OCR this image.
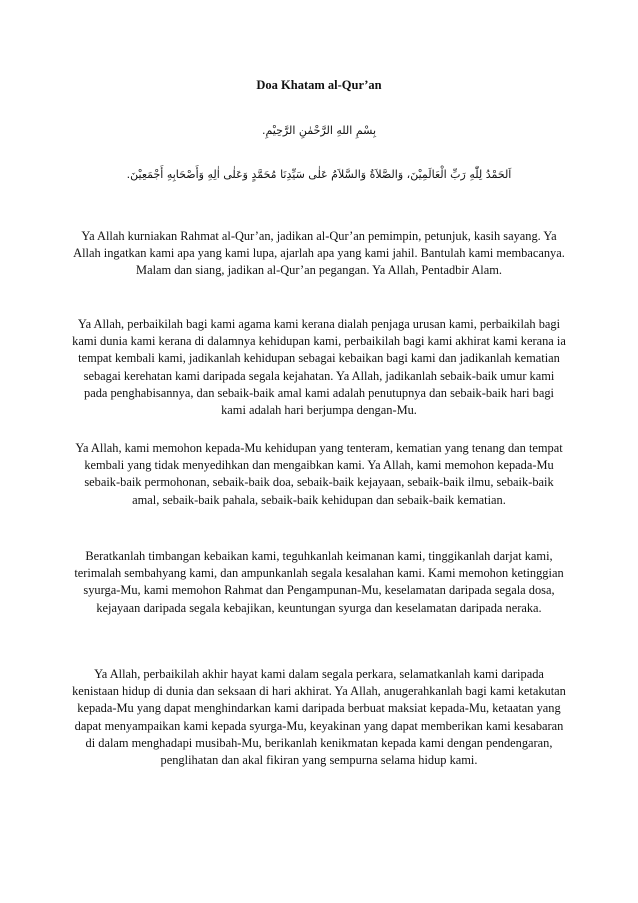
Doa Khatam al-Qur’an

بِسْمِ اللهِ الرَّحْمٰنِ الرَّحِيْمِ.

اَلحَمْدُ لِلّٰهِ رَبِّ الْعَالَمِيْنَ، وَالصَّلاَةُ وَالسَّلاَمُ عَلٰى سَيِّدِنَا مُحَمَّدٍ وَعَلٰى اٰلِهِ وَأَصْحَابِهِ أَجْمَعِيْنَ.

Ya Allah kurniakan Rahmat al-Qur’an, jadikan al-Qur’an pemimpin, petunjuk, kasih sayang. Ya Allah ingatkan kami apa yang kami lupa, ajarlah apa yang kami jahil. Bantulah kami membacanya. Malam dan siang, jadikan al-Qur’an pegangan. Ya Allah, Pentadbir Alam.

Ya Allah, perbaikilah bagi kami agama kami kerana dialah penjaga urusan kami, perbaikilah bagi kami dunia kami kerana di dalamnya kehidupan kami, perbaikilah bagi kami akhirat kami kerana ia tempat kembali kami, jadikanlah kehidupan sebagai kebaikan bagi kami dan jadikanlah kematian sebagai kerehatan kami daripada segala kejahatan. Ya Allah, jadikanlah sebaik-baik umur kami pada penghabisannya, dan sebaik-baik amal kami adalah penutupnya dan sebaik-baik hari bagi kami adalah hari berjumpa dengan-Mu.

Ya Allah, kami memohon kepada-Mu kehidupan yang tenteram, kematian yang tenang dan tempat kembali yang tidak menyedihkan dan mengaibkan kami. Ya Allah, kami memohon kepada-Mu sebaik-baik permohonan, sebaik-baik doa, sebaik-baik kejayaan, sebaik-baik ilmu, sebaik-baik amal, sebaik-baik pahala, sebaik-baik kehidupan dan sebaik-baik kematian.

Beratkanlah timbangan kebaikan kami, teguhkanlah keimanan kami, tinggikanlah darjat kami, terimalah sembahyang kami, dan ampunkanlah segala kesalahan kami. Kami memohon ketinggian syurga-Mu, kami memohon Rahmat dan Pengampunan-Mu, keselamatan daripada segala dosa, kejayaan daripada segala kebajikan, keuntungan syurga dan keselamatan daripada neraka.

Ya Allah, perbaikilah akhir hayat kami dalam segala perkara, selamatkanlah kami daripada kenistaan hidup di dunia dan seksaan di hari akhirat. Ya Allah, anugerahkanlah bagi kami ketakutan kepada-Mu yang dapat menghindarkan kami daripada berbuat maksiat kepada-Mu, ketaatan yang dapat menyampaikan kami kepada syurga-Mu, keyakinan yang dapat memberikan kami kesabaran di dalam menghadapi musibah-Mu, berikanlah kenikmatan kepada kami dengan pendengaran, penglihatan dan akal fikiran yang sempurna selama hidup kami.
